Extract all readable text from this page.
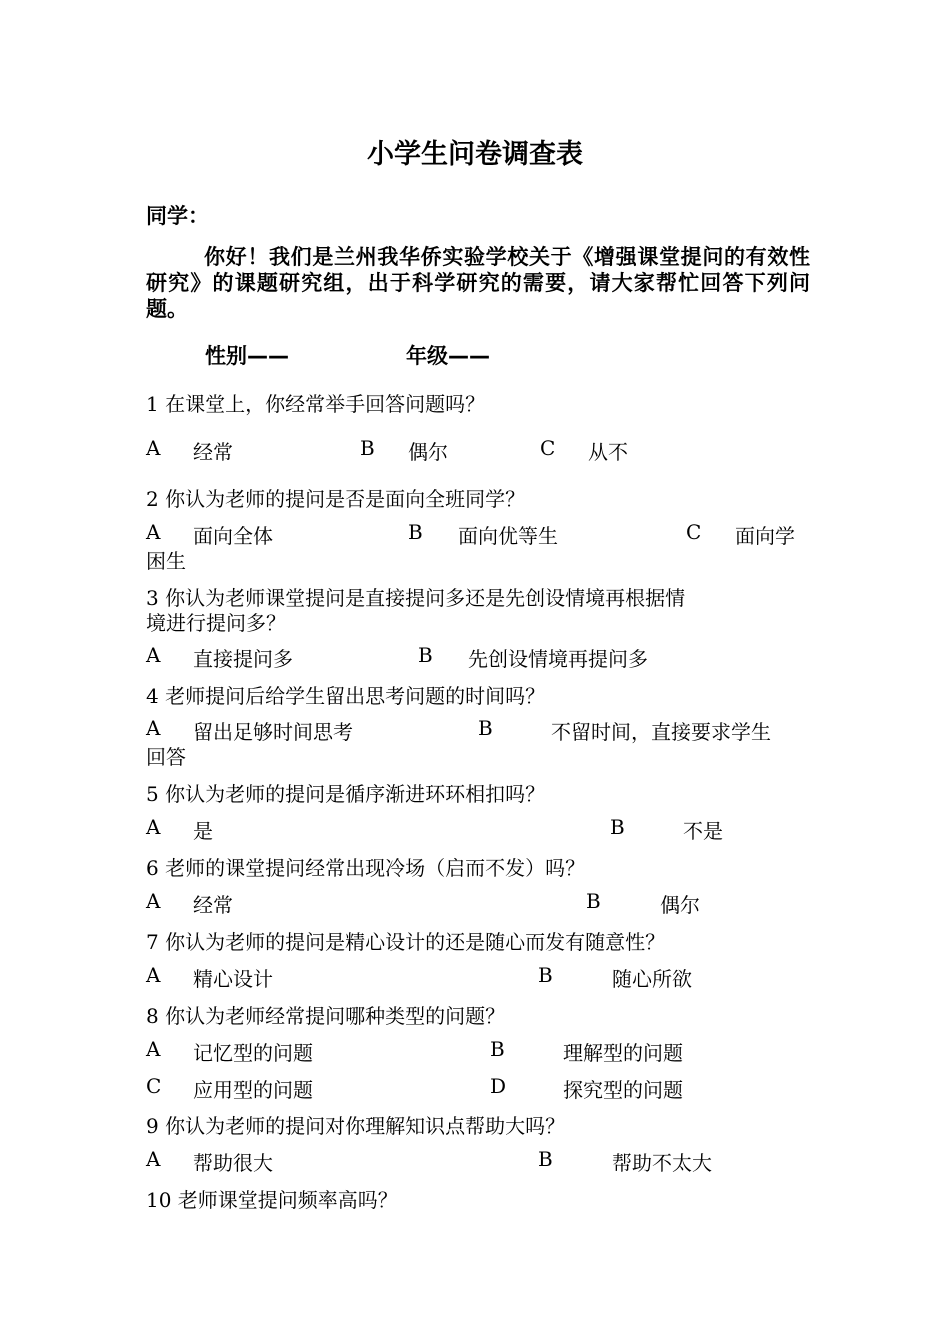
小学生问卷调查表
同学：
你好！我们是兰州我华侨实验学校关于《增强课堂提问的有效性研究》的课题研究组，出于科学研究的需要，请大家帮忙回答下列问题。
性别——	年级——
1 在课堂上，你经常举手回答问题吗？
A 经常	B 偶尔	C 从不
2 你认为老师的提问是否是面向全班同学？
A 面向全体	B 面向优等生	C 面向学
困生
3 你认为老师课堂提问是直接提问多还是先创设情境再根据情
境进行提问多？
A 直接提问多	B 先创设情境再提问多
4 老师提问后给学生留出思考问题的时间吗？
A 留出足够时间思考	B	不留时间，直接要求学生
回答
5 你认为老师的提问是循序渐进环环相扣吗？
A 是	B	不是
6 老师的课堂提问经常出现冷场（启而不发）吗？
A 经常	B	偶尔
7 你认为老师的提问是精心设计的还是随心而发有随意性？
A 精心设计	B	随心所欲
8 你认为老师经常提问哪种类型的问题？
A 记忆型的问题	B	理解型的问题
C 应用型的问题	D	探究型的问题
9 你认为老师的提问对你理解知识点帮助大吗？
A 帮助很大	B	帮助不太大
10 老师课堂提问频率高吗？
